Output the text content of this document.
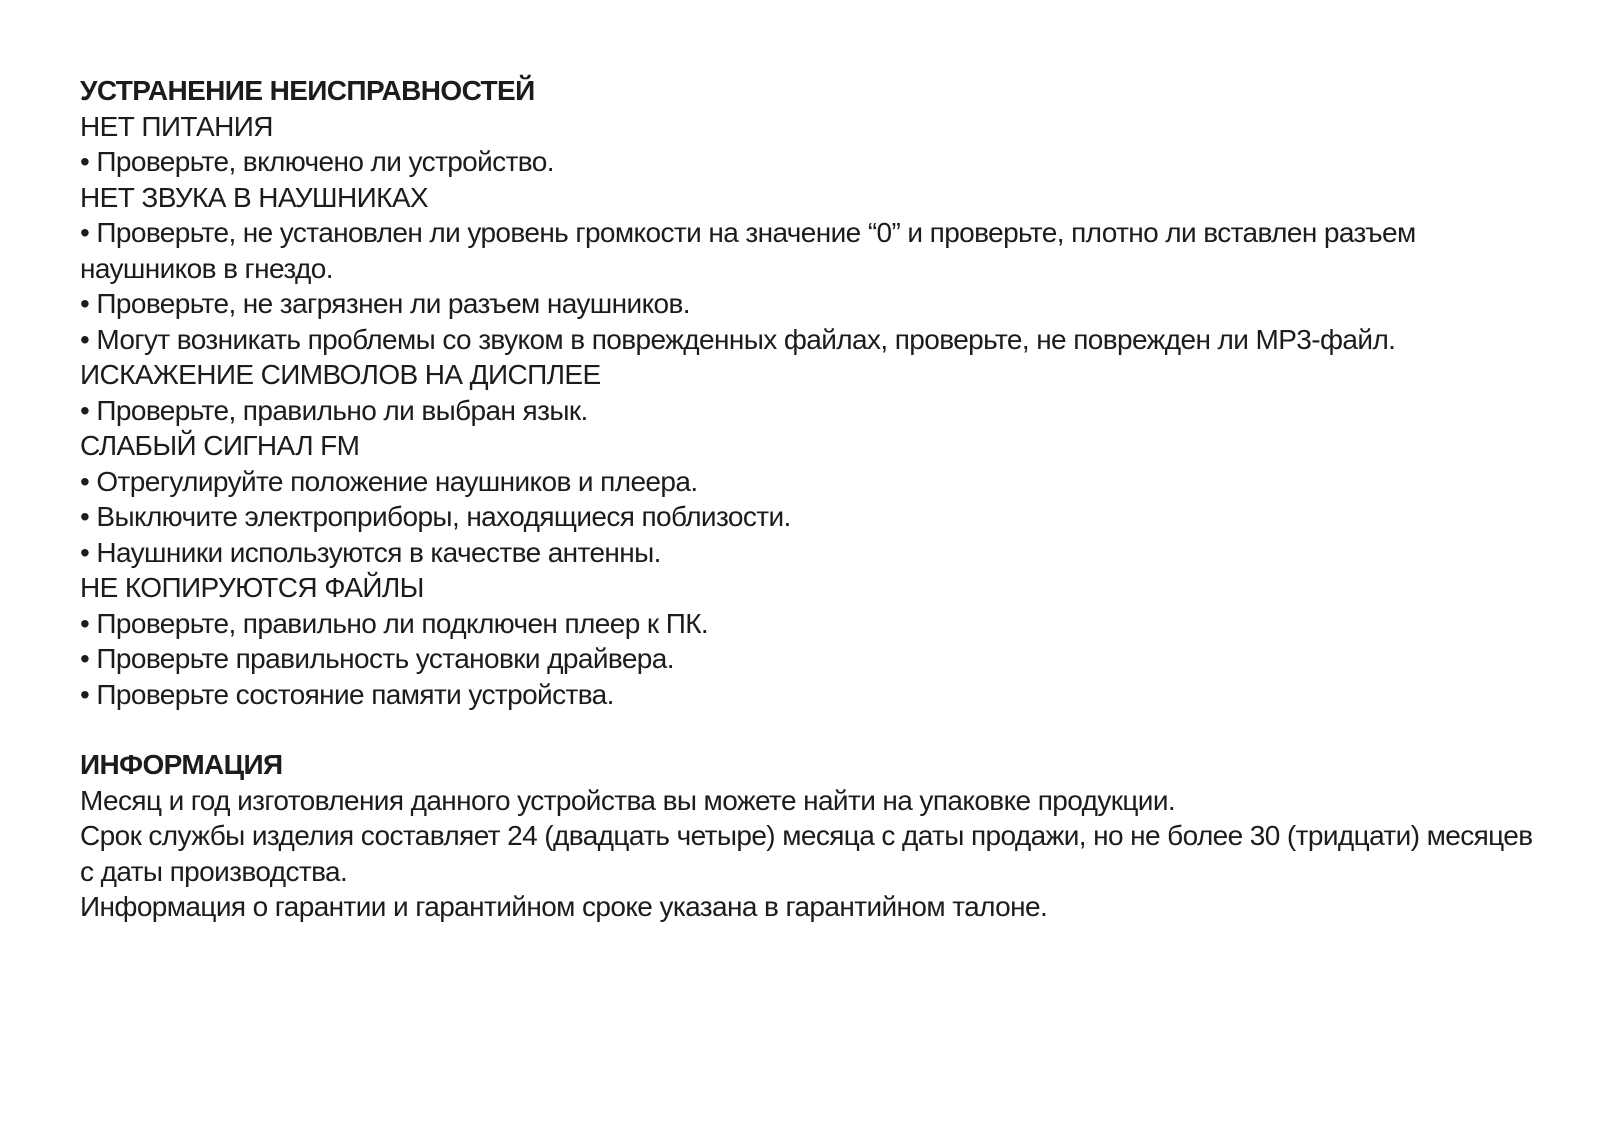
УСТРАНЕНИЕ НЕИСПРАВНОСТЕЙ

НЕТ ПИТАНИЯ

• Проверьте, включено ли устройство.

НЕТ ЗВУКА В НАУШНИКАХ

• Проверьте, не установлен ли уровень громкости на значение “0” и проверьте, плотно ли вставлен разъем наушников в гнездо.

• Проверьте, не загрязнен ли разъем наушников.

• Могут возникать проблемы со звуком в поврежденных файлах, проверьте, не поврежден ли MP3-файл.

ИСКАЖЕНИЕ СИМВОЛОВ НА ДИСПЛЕЕ

• Проверьте, правильно ли выбран язык.

СЛАБЫЙ СИГНАЛ FM

• Отрегулируйте положение наушников и плеера.

• Выключите электроприборы, находящиеся поблизости.

• Наушники используются в качестве антенны.

НЕ КОПИРУЮТСЯ ФАЙЛЫ

• Проверьте, правильно ли подключен плеер к ПК.

• Проверьте правильность установки драйвера.

• Проверьте состояние памяти устройства.

ИНФОРМАЦИЯ

Месяц и год изготовления данного устройства вы можете найти на упаковке продукции.

Срок службы изделия составляет 24 (двадцать четыре) месяца с даты продажи, но не более 30 (тридцати) месяцев с даты производства.

Информация о гарантии и гарантийном сроке указана в гарантийном талоне.
